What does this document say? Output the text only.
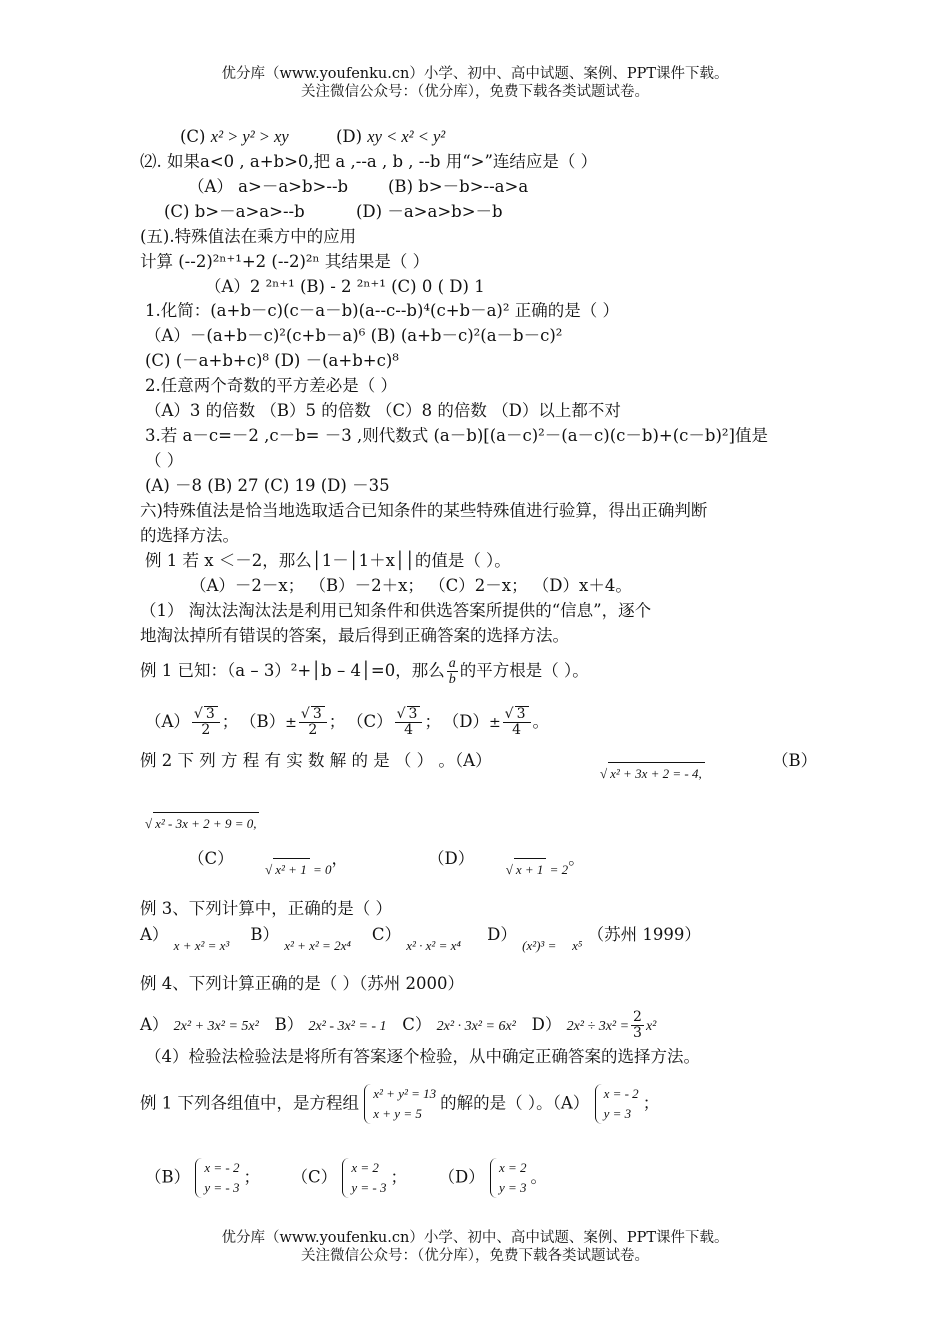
优分库（www.youfenku.cn）小学、初中、高中试题、案例、PPT课件下载。
关注微信公众号：（优分库），免费下载各类试题试卷。
(C) x² > y² > xy	(D) xy < x² < y²
⑵. 如果a<0 , a+b>0,把 a ,--a , b , --b 用“>”连结应是（ ）
（A） a>－a>b>--b (B) b>－b>--a>a
(C) b>－a>a>--b	(D) －a>a>b>－b
(五).特殊值法在乘方中的应用
计算 (--2)²ⁿ⁺¹+2 (--2)²ⁿ 其结果是（ ）
（A）2 ²ⁿ⁺¹ (B) - 2 ²ⁿ⁺¹ (C) 0 ( D) 1
1.化简：(a+b－c)(c－a－b)(a--c--b)⁴(c+b－a)² 正确的是（ ）
（A）－(a+b－c)²(c+b－a)⁶ (B) (a+b－c)²(a－b－c)²
(C) (－a+b+c)⁸ (D) －(a+b+c)⁸
2.任意两个奇数的平方差必是（ ）
（A）3 的倍数 （B）5 的倍数 （C）8 的倍数 （D）以上都不对
3.若 a－c=－2 ,c－b= －3 ,则代数式 (a－b)[(a－c)²－(a－c)(c－b)+(c－b)²]值是
（ ）
(A) －8 (B) 27 (C) 19 (D) －35
六)特殊值法是恰当地选取适合已知条件的某些特殊值进行验算，得出正确判断
的选择方法。
例 1 若 x ＜－2，那么│1－│1＋x││的值是（ ）。
（A）－2－x； （B）－2＋x； （C）2－x； （D）x＋4。
（1） 淘汰法淘汰法是利用已知条件和供选答案所提供的“信息”，逐个
地淘汰掉所有错误的答案，最后得到正确答案的选择方法。
例 1 已知：（a – 3）²+│b – 4│=0，那么 $\frac{a}{b}$ 的平方根是（ ）。
$(A) \frac{√ 3}{2}$ ； $(B)\pm \frac{√ 3}{2}$ ； $(C) \frac{√ 3}{4}$ ； $(D)\pm \frac{√ 3}{4}$ 。
例 2 下 列 方 程 有 实 数 解 的 是 （ ） 。（A）
√ x² + 3x + 2 = - 4,
（B）
√ x² - 3x + 2 + 9 = 0,
（C）      $_{√ x^2 + 1 = 0}$，	（D）      $_{√ x + 1 = 2}$。
例 3、下列计算中，正确的是（ ）
A） $_{x + x^2 = x^3}$    B） $_{x^2 + x^2 = 2x^4}$    C） $_{x^2 \cdot x^2 = x^4}$     D） $_{(x^2)^3 =}$ $_{x^5}$ （苏州 1999）
例 4、下列计算正确的是（ ）（苏州 2000）
A） 2x² + 3x² = 5x² B） 2x² - 3x² = - 1 C） 2x² · 3x² = 6x² D） $2x^2 \div 3x^2 = \frac{2}{3} x^2$
（4）检验法检验法是将所有答案逐个检验，从中确定正确答案的选择方法。
例 1 下列各组值中，是方程组 x² + y² = 13
x + y = 5
的解的是（ ）。（A） x = - 2
y = 3
；
（B） x = - 2
y = - 3
； （C） x = 2
y = - 3
； （D） x = 2
y = 3
。
优分库（www.youfenku.cn）小学、初中、高中试题、案例、PPT课件下载。
关注微信公众号：（优分库），免费下载各类试题试卷。
